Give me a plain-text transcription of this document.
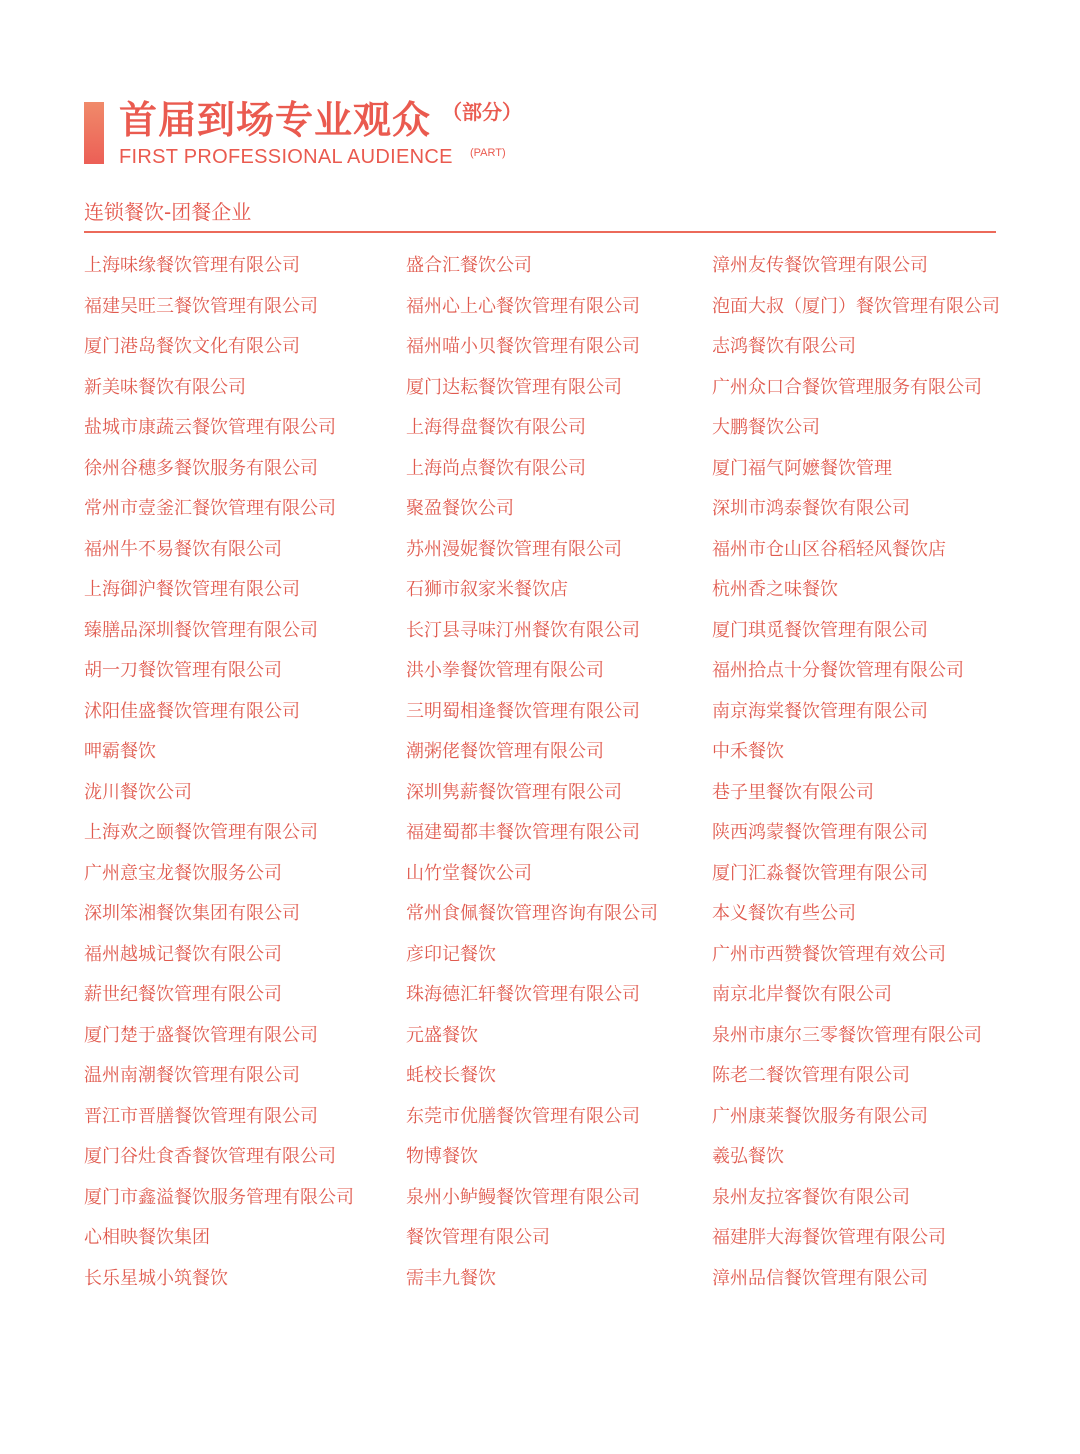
首届到场专业观众 （部分）
FIRST PROFESSIONAL AUDIENCE (PART)
连锁餐饮-团餐企业
上海味缘餐饮管理有限公司	盛合汇餐饮公司	漳州友传餐饮管理有限公司
福建吴旺三餐饮管理有限公司	福州心上心餐饮管理有限公司	泡面大叔（厦门）餐饮管理有限公司
厦门港岛餐饮文化有限公司	福州喵小贝餐饮管理有限公司	志鸿餐饮有限公司
新美味餐饮有限公司	厦门达耘餐饮管理有限公司	广州众口合餐饮管理服务有限公司
盐城市康蔬云餐饮管理有限公司	上海得盘餐饮有限公司	大鹏餐饮公司
徐州谷穗多餐饮服务有限公司	上海尚点餐饮有限公司	厦门福气阿嬷餐饮管理
常州市壹釜汇餐饮管理有限公司	聚盈餐饮公司	深圳市鸿泰餐饮有限公司
福州牛不易餐饮有限公司	苏州漫妮餐饮管理有限公司	福州市仓山区谷稻轻风餐饮店
上海御沪餐饮管理有限公司	石狮市叙家米餐饮店	杭州香之味餐饮
臻膳品深圳餐饮管理有限公司	长汀县寻味汀州餐饮有限公司	厦门琪觅餐饮管理有限公司
胡一刀餐饮管理有限公司	洪小拳餐饮管理有限公司	福州拾点十分餐饮管理有限公司
沭阳佳盛餐饮管理有限公司	三明蜀相逢餐饮管理有限公司	南京海棠餐饮管理有限公司
呷霸餐饮	潮粥佬餐饮管理有限公司	中禾餐饮
泷川餐饮公司	深圳隽薪餐饮管理有限公司	巷子里餐饮有限公司
上海欢之颐餐饮管理有限公司	福建蜀都丰餐饮管理有限公司	陕西鸿蒙餐饮管理有限公司
广州意宝龙餐饮服务公司	山竹堂餐饮公司	厦门汇淼餐饮管理有限公司
深圳笨湘餐饮集团有限公司	常州食佩餐饮管理咨询有限公司	本义餐饮有些公司
福州越城记餐饮有限公司	彦印记餐饮	广州市西赞餐饮管理有效公司
薪世纪餐饮管理有限公司	珠海德汇轩餐饮管理有限公司	南京北岸餐饮有限公司
厦门楚于盛餐饮管理有限公司	元盛餐饮	泉州市康尔三零餐饮管理有限公司
温州南潮餐饮管理有限公司	蚝校长餐饮	陈老二餐饮管理有限公司
晋江市晋膳餐饮管理有限公司	东莞市优膳餐饮管理有限公司	广州康莱餐饮服务有限公司
厦门谷灶食香餐饮管理有限公司	物博餐饮	羲弘餐饮
厦门市鑫溢餐饮服务管理有限公司	泉州小鲈鳗餐饮管理有限公司	泉州友拉客餐饮有限公司
心相映餐饮集团	餐饮管理有限公司	福建胖大海餐饮管理有限公司
长乐星城小筑餐饮	需丰九餐饮	漳州品信餐饮管理有限公司
